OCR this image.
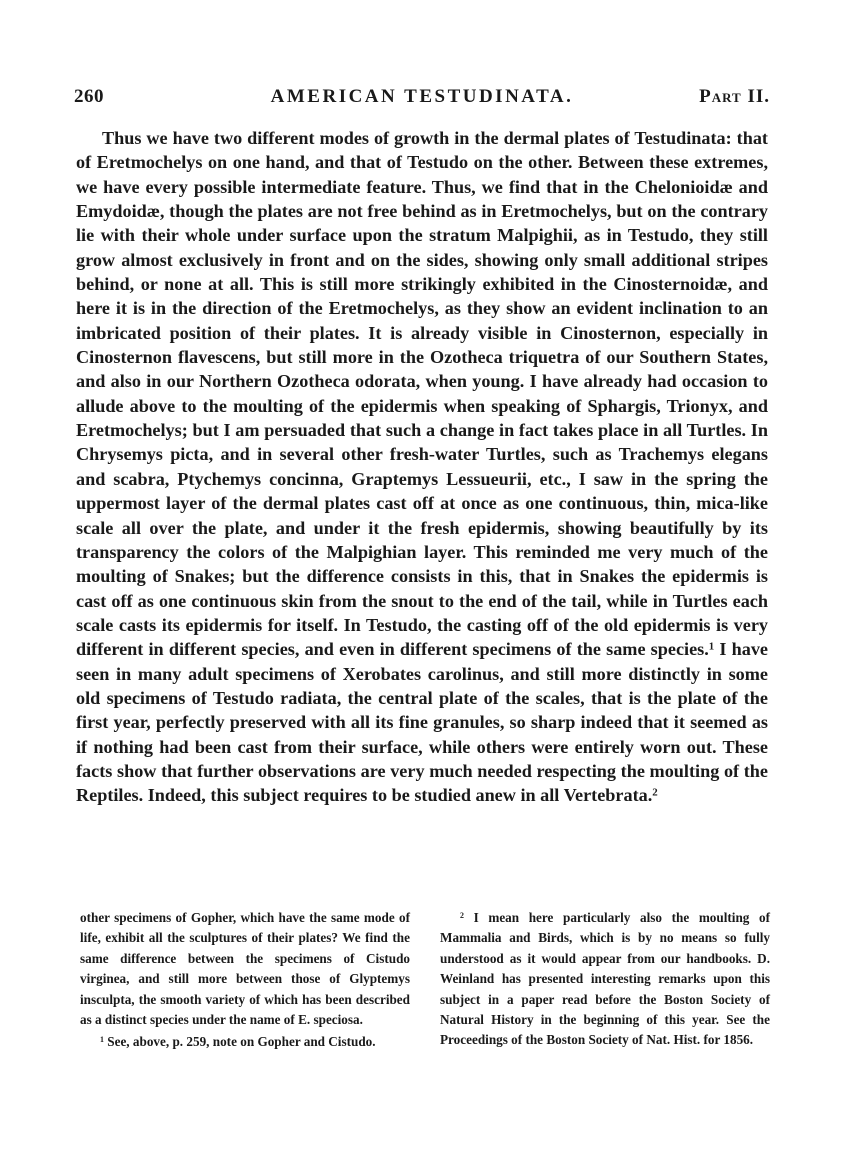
260	AMERICAN TESTUDINATA.	Part II.

Thus we have two different modes of growth in the dermal plates of Testudinata: that of Eretmochelys on one hand, and that of Testudo on the other. Between these extremes, we have every possible intermediate feature. Thus, we find that in the Chelonioidæ and Emydoidæ, though the plates are not free behind as in Eretmochelys, but on the contrary lie with their whole under surface upon the stratum Malpighii, as in Testudo, they still grow almost exclusively in front and on the sides, showing only small additional stripes behind, or none at all. This is still more strikingly exhibited in the Cinosternoidæ, and here it is in the direction of the Eretmochelys, as they show an evident inclination to an imbricated position of their plates. It is already visible in Cinosternon, especially in Cinosternon flavescens, but still more in the Ozotheca triquetra of our Southern States, and also in our Northern Ozotheca odorata, when young. I have already had occasion to allude above to the moulting of the epidermis when speaking of Sphargis, Trionyx, and Eretmochelys; but I am persuaded that such a change in fact takes place in all Turtles. In Chrysemys picta, and in several other fresh-water Turtles, such as Trachemys elegans and scabra, Ptychemys concinna, Graptemys Lessueurii, etc., I saw in the spring the uppermost layer of the dermal plates cast off at once as one continuous, thin, mica-like scale all over the plate, and under it the fresh epidermis, showing beautifully by its transparency the colors of the Malpighian layer. This reminded me very much of the moulting of Snakes; but the difference consists in this, that in Snakes the epidermis is cast off as one continuous skin from the snout to the end of the tail, while in Turtles each scale casts its epidermis for itself. In Testudo, the casting off of the old epidermis is very different in different species, and even in different specimens of the same species.$^1$ I have seen in many adult specimens of Xerobates carolinus, and still more distinctly in some old specimens of Testudo radiata, the central plate of the scales, that is the plate of the first year, perfectly preserved with all its fine granules, so sharp indeed that it seemed as if nothing had been cast from their surface, while others were entirely worn out. These facts show that further observations are very much needed respecting the moulting of the Reptiles. Indeed, this subject requires to be studied anew in all Vertebrata.$^2$

other specimens of Gopher, which have the same mode of life, exhibit all the sculptures of their plates? We find the same difference between the specimens of Cistudo virginea, and still more between those of Glyptemys insculpta, the smooth variety of which has been described as a distinct species under the name of E. speciosa.

$^1$ See, above, p. 259, note on Gopher and Cistudo.

$^2$ I mean here particularly also the moulting of Mammalia and Birds, which is by no means so fully understood as it would appear from our handbooks. D. Weinland has presented interesting remarks upon this subject in a paper read before the Boston Society of Natural History in the beginning of this year. See the Proceedings of the Boston Society of Nat. Hist. for 1856.
